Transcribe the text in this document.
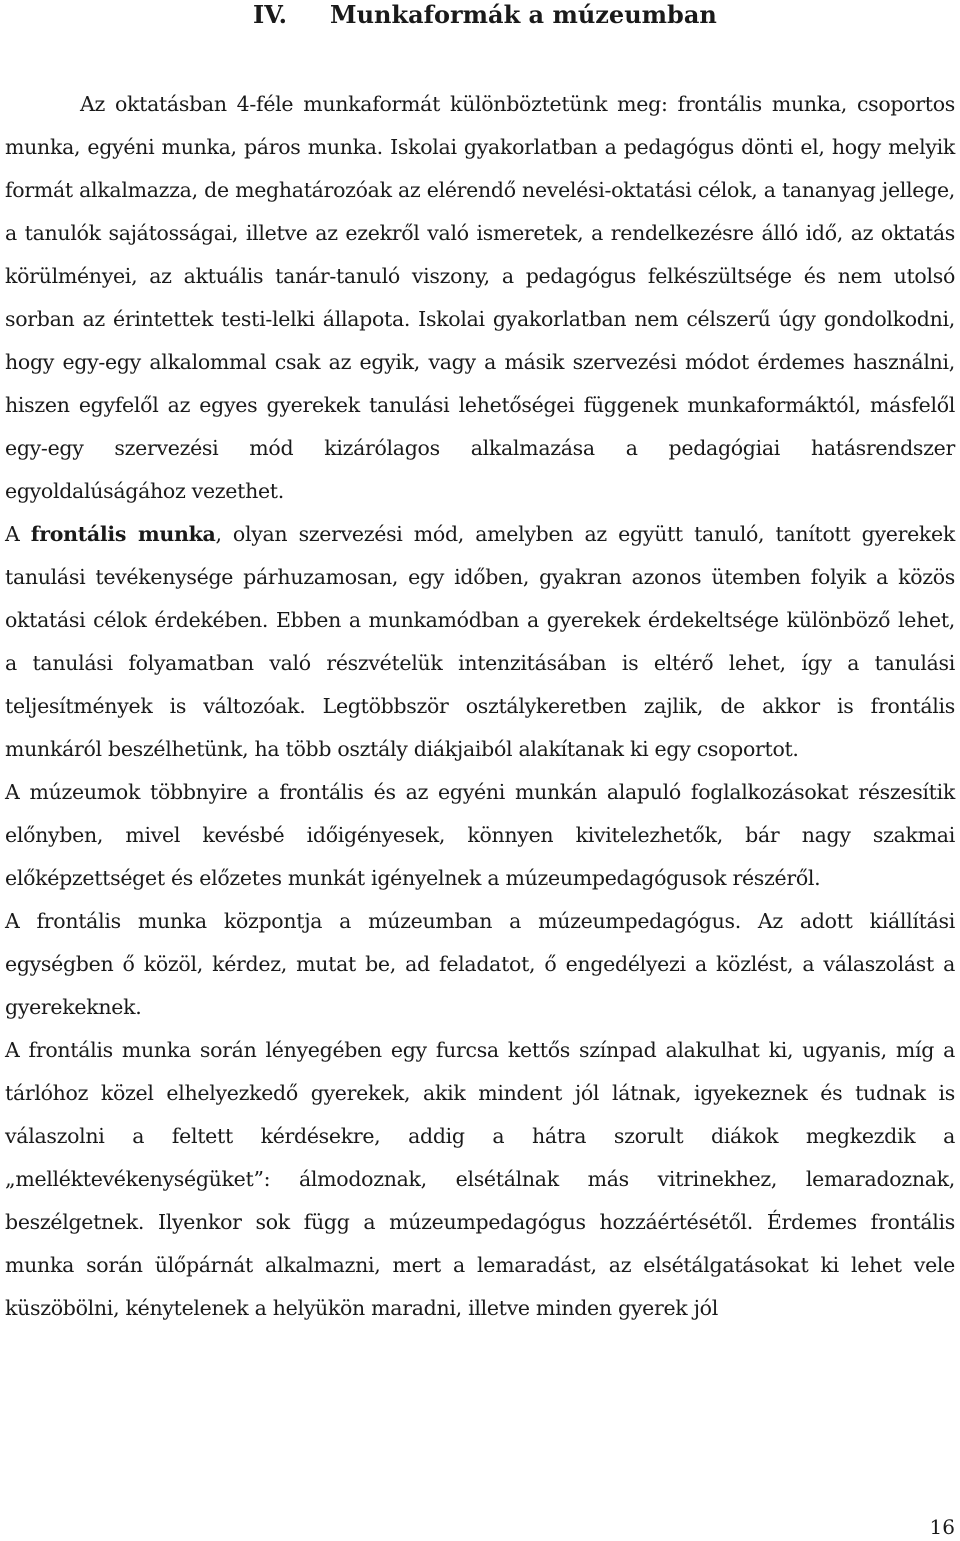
IV. Munkaformák a múzeumban

Az oktatásban 4-féle munkaformát különböztetünk meg: frontális munka, csoportos munka, egyéni munka, páros munka. Iskolai gyakorlatban a pedagógus dönti el, hogy melyik formát alkalmazza, de meghatározóak az elérendő nevelési-oktatási célok, a tananyag jellege, a tanulók sajátosságai, illetve az ezekről való ismeretek, a rendelkezésre álló idő, az oktatás körülményei, az aktuális tanár-tanuló viszony, a pedagógus felkészültsége és nem utolsó sorban az érintettek testi-lelki állapota. Iskolai gyakorlatban nem célszerű úgy gondolkodni, hogy egy-egy alkalommal csak az egyik, vagy a másik szervezési módot érdemes használni, hiszen egyfelől az egyes gyerekek tanulási lehetőségei függenek munkaformáktól, másfelől egy-egy szervezési mód kizárólagos alkalmazása a pedagógiai hatásrendszer egyoldalúságához vezethet.

A frontális munka, olyan szervezési mód, amelyben az együtt tanuló, tanított gyerekek tanulási tevékenysége párhuzamosan, egy időben, gyakran azonos ütemben folyik a közös oktatási célok érdekében. Ebben a munkamódban a gyerekek érdekeltsége különböző lehet, a tanulási folyamatban való részvételük intenzitásában is eltérő lehet, így a tanulási teljesítmények is változóak. Legtöbbször osztálykeretben zajlik, de akkor is frontális munkáról beszélhetünk, ha több osztály diákjaiból alakítanak ki egy csoportot.

A múzeumok többnyire a frontális és az egyéni munkán alapuló foglalkozásokat részesítik előnyben, mivel kevésbé időigényesek, könnyen kivitelezhetők, bár nagy szakmai előképzettséget és előzetes munkát igényelnek a múzeumpedagógusok részéről.

A frontális munka központja a múzeumban a múzeumpedagógus. Az adott kiállítási egységben ő közöl, kérdez, mutat be, ad feladatot, ő engedélyezi a közlést, a válaszolást a gyerekeknek.

A frontális munka során lényegében egy furcsa kettős színpad alakulhat ki, ugyanis, míg a tárlóhoz közel elhelyezkedő gyerekek, akik mindent jól látnak, igyekeznek és tudnak is válaszolni a feltett kérdésekre, addig a hátra szorult diákok megkezdik a „melléktevékenységüket”: álmodoznak, elsétálnak más vitrinekhez, lemaradoznak, beszélgetnek. Ilyenkor sok függ a múzeumpedagógus hozzáértésétől. Érdemes frontális munka során ülőpárnát alkalmazni, mert a lemaradást, az elsétálgatásokat ki lehet vele küszöbölni, kénytelenek a helyükön maradni, illetve minden gyerek jól

16
